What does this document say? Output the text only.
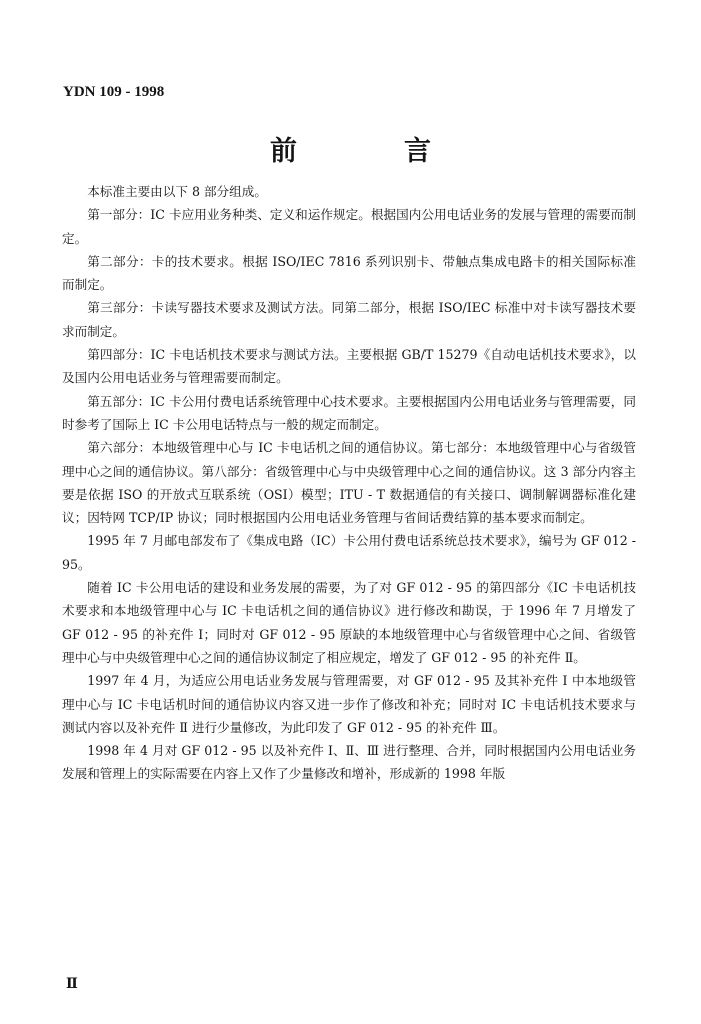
YDN 109 - 1998
前　言

本标准主要由以下 8 部分组成。

第一部分：IC 卡应用业务种类、定义和运作规定。根据国内公用电话业务的发展与管理的需要而制定。

第二部分：卡的技术要求。根据 ISO/IEC 7816 系列识别卡、带触点集成电路卡的相关国际标准而制定。

第三部分：卡读写器技术要求及测试方法。同第二部分，根据 ISO/IEC 标准中对卡读写器技术要求而制定。

第四部分：IC 卡电话机技术要求与测试方法。主要根据 GB/T 15279《自动电话机技术要求》，以及国内公用电话业务与管理需要而制定。

第五部分：IC 卡公用付费电话系统管理中心技术要求。主要根据国内公用电话业务与管理需要，同时参考了国际上 IC 卡公用电话特点与一般的规定而制定。

第六部分：本地级管理中心与 IC 卡电话机之间的通信协议。第七部分：本地级管理中心与省级管理中心之间的通信协议。第八部分：省级管理中心与中央级管理中心之间的通信协议。这 3 部分内容主要是依据 ISO 的开放式互联系统（OSI）模型；ITU - T 数据通信的有关接口、调制解调器标准化建议；因特网 TCP/IP 协议；同时根据国内公用电话业务管理与省间话费结算的基本要求而制定。

1995 年 7 月邮电部发布了《集成电路（IC）卡公用付费电话系统总技术要求》，编号为 GF 012 - 95。

随着 IC 卡公用电话的建设和业务发展的需要，为了对 GF 012 - 95 的第四部分《IC 卡电话机技术要求和本地级管理中心与 IC 卡电话机之间的通信协议》进行修改和勘误，于 1996 年 7 月增发了 GF 012 - 95 的补充件 Ⅰ；同时对 GF 012 - 95 原缺的本地级管理中心与省级管理中心之间、省级管理中心与中央级管理中心之间的通信协议制定了相应规定，增发了 GF 012 - 95 的补充件 Ⅱ。

1997 年 4 月，为适应公用电话业务发展与管理需要，对 GF 012 - 95 及其补充件 Ⅰ 中本地级管理中心与 IC 卡电话机时间的通信协议内容又进一步作了修改和补充；同时对 IC 卡电话机技术要求与测试内容以及补充件 Ⅱ 进行少量修改，为此印发了 GF 012 - 95 的补充件 Ⅲ。

1998 年 4 月对 GF 012 - 95 以及补充件 Ⅰ、Ⅱ、Ⅲ 进行整理、合并，同时根据国内公用电话业务发展和管理上的实际需要在内容上又作了少量修改和增补，形成新的 1998 年版

Ⅱ
